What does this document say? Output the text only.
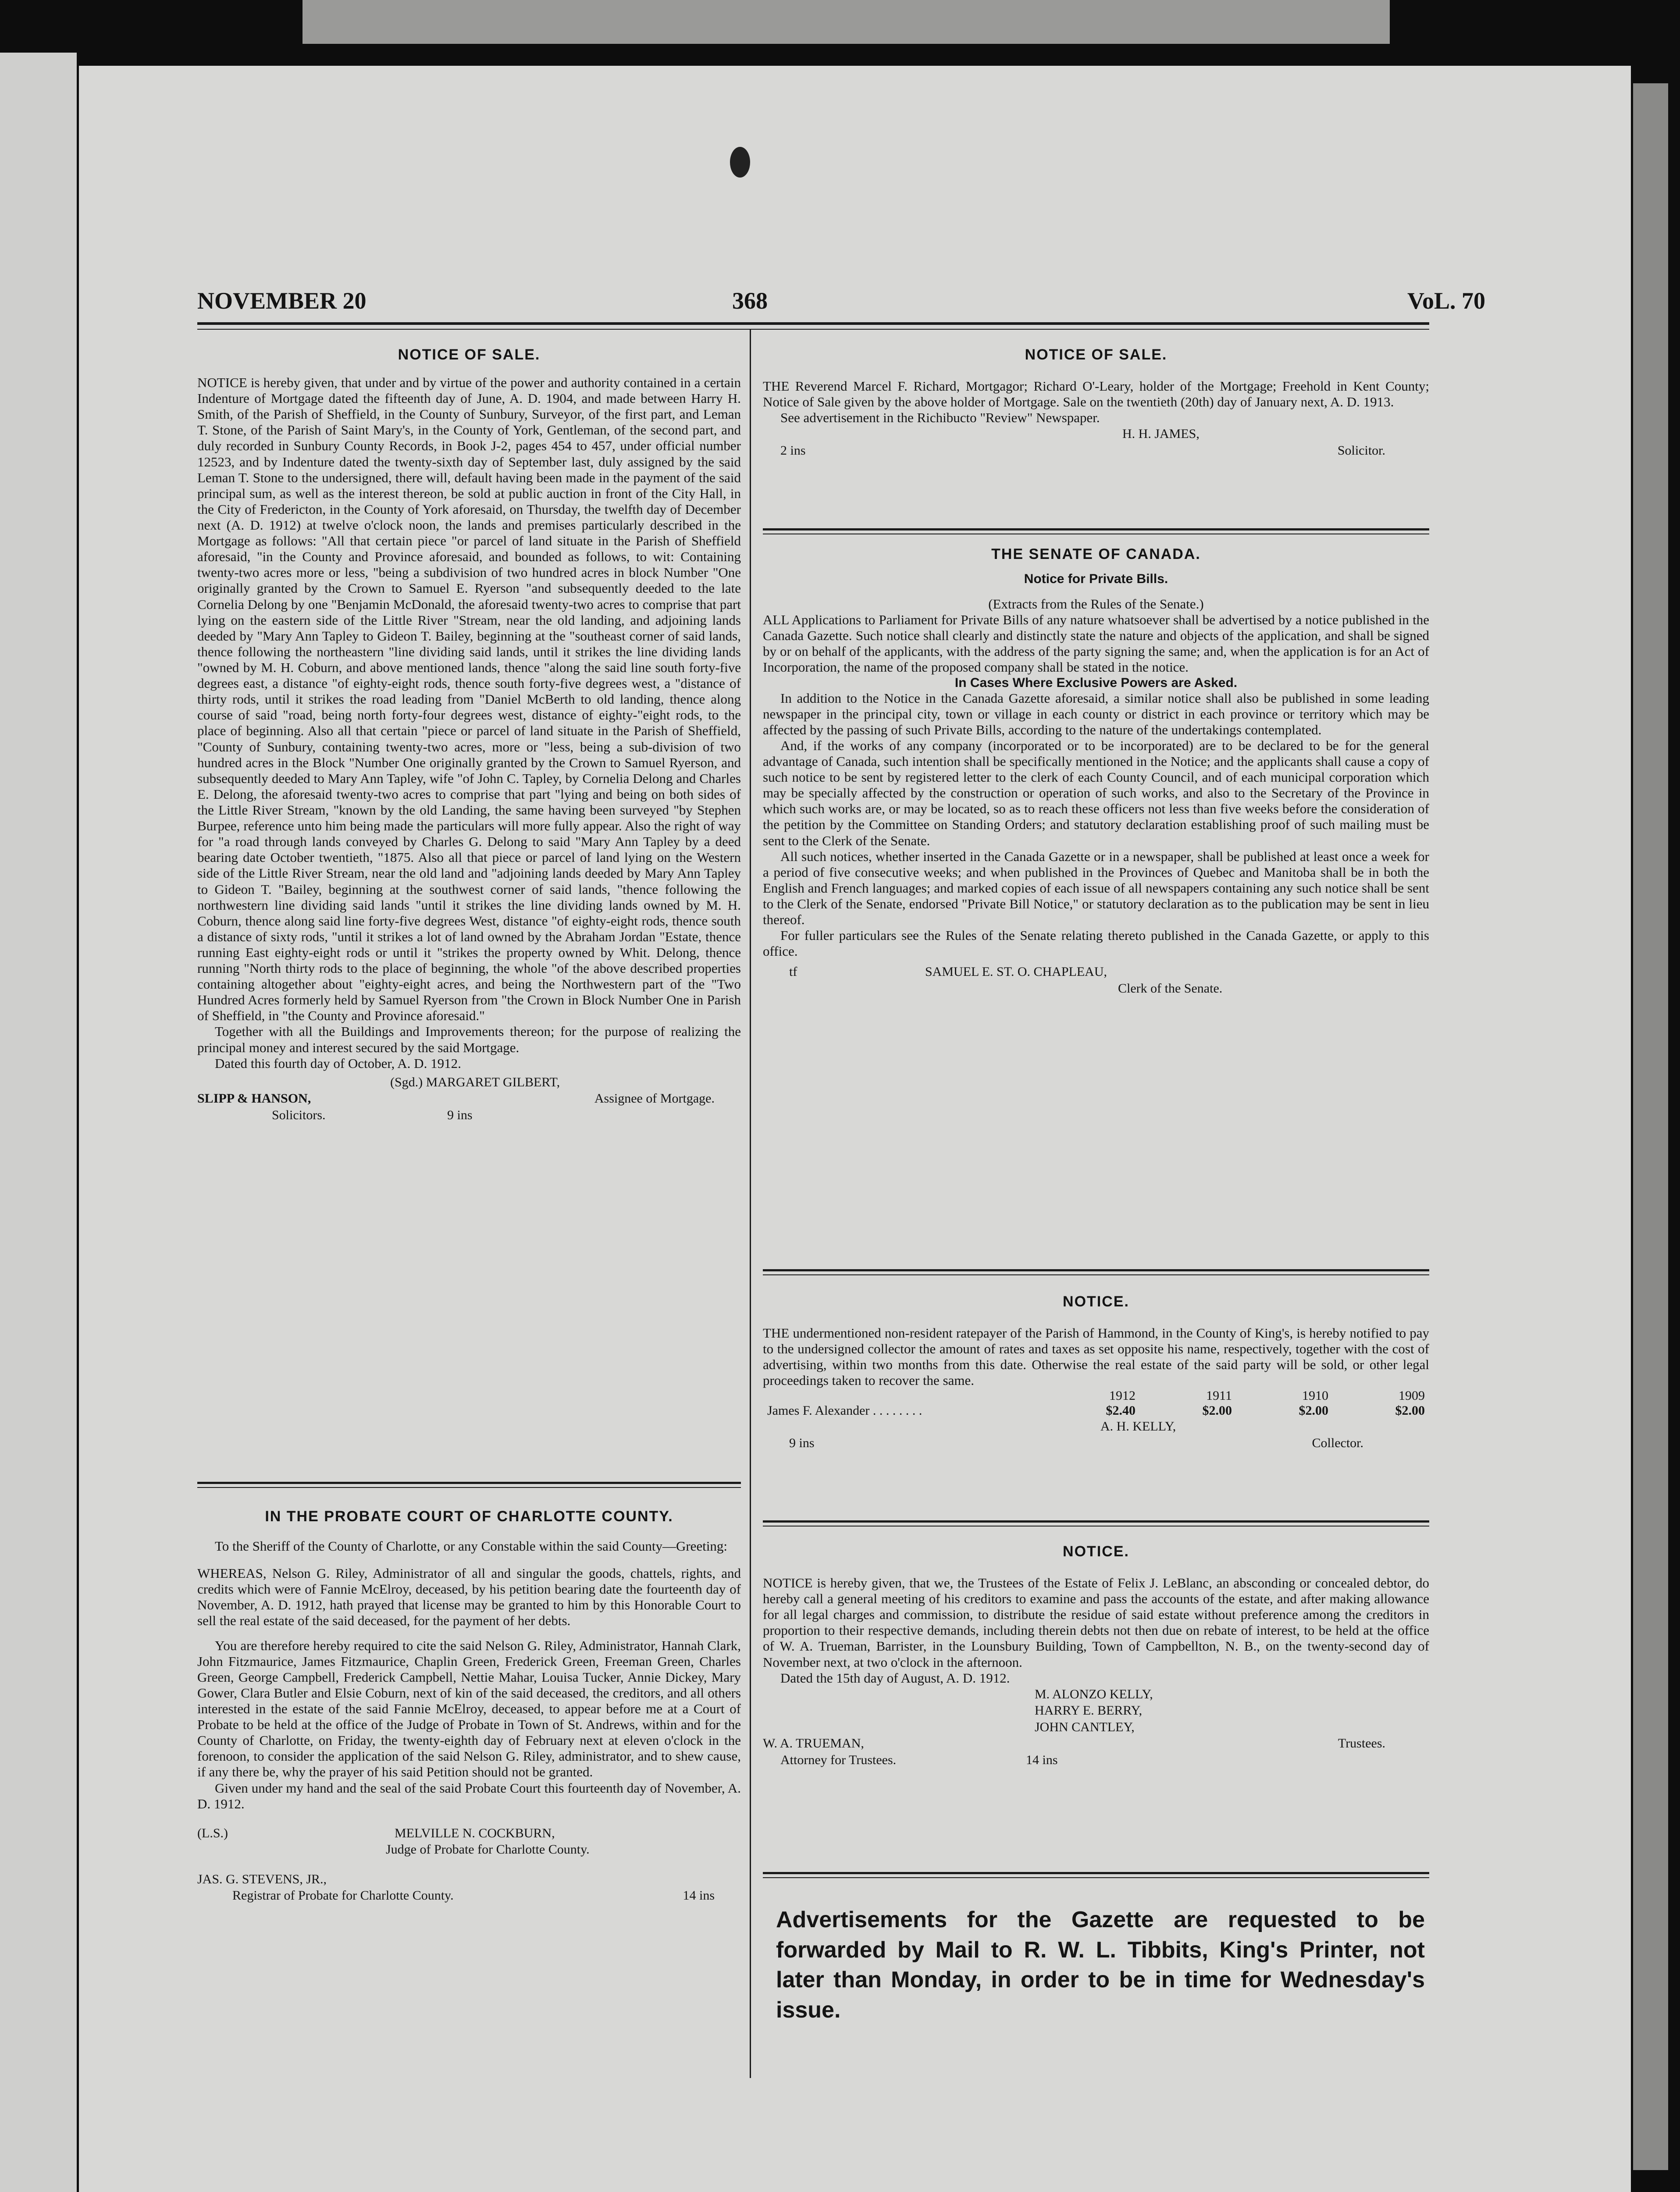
NOVEMBER 20	368	VoL. 70

NOTICE OF SALE.

NOTICE is hereby given, that under and by virtue of the power and authority contained in a certain Indenture of Mortgage dated the fifteenth day of June, A. D. 1904, and made between Harry H. Smith, of the Parish of Sheffield, in the County of Sunbury, Surveyor, of the first part, and Leman T. Stone, of the Parish of Saint Mary's, in the County of York, Gentleman, of the second part, and duly recorded in Sunbury County Records, in Book J-2, pages 454 to 457, under official number 12523, and by Indenture dated the twenty-sixth day of September last, duly assigned by the said Leman T. Stone to the undersigned, there will, default having been made in the payment of the said principal sum, as well as the interest thereon, be sold at public auction in front of the City Hall, in the City of Fredericton, in the County of York aforesaid, on Thursday, the twelfth day of December next (A. D. 1912) at twelve o'clock noon, the lands and premises particularly described in the Mortgage as follows: "All that certain piece "or parcel of land situate in the Parish of Sheffield aforesaid, "in the County and Province aforesaid, and bounded as follows, to wit: Containing twenty-two acres more or less, "being a subdivision of two hundred acres in block Number "One originally granted by the Crown to Samuel E. Ryerson "and subsequently deeded to the late Cornelia Delong by one "Benjamin McDonald, the aforesaid twenty-two acres to comprise that part lying on the eastern side of the Little River "Stream, near the old landing, and adjoining lands deeded by "Mary Ann Tapley to Gideon T. Bailey, beginning at the "southeast corner of said lands, thence following the northeastern "line dividing said lands, until it strikes the line dividing lands "owned by M. H. Coburn, and above mentioned lands, thence "along the said line south forty-five degrees east, a distance "of eighty-eight rods, thence south forty-five degrees west, a "distance of thirty rods, until it strikes the road leading from "Daniel McBerth to old landing, thence along course of said "road, being north forty-four degrees west, distance of eighty-"eight rods, to the place of beginning. Also all that certain "piece or parcel of land situate in the Parish of Sheffield, "County of Sunbury, containing twenty-two acres, more or "less, being a sub-division of two hundred acres in the Block "Number One originally granted by the Crown to Samuel Ryerson, and subsequently deeded to Mary Ann Tapley, wife "of John C. Tapley, by Cornelia Delong and Charles E. Delong, the aforesaid twenty-two acres to comprise that part "lying and being on both sides of the Little River Stream, "known by the old Landing, the same having been surveyed "by Stephen Burpee, reference unto him being made the particulars will more fully appear. Also the right of way for "a road through lands conveyed by Charles G. Delong to said "Mary Ann Tapley by a deed bearing date October twentieth, "1875. Also all that piece or parcel of land lying on the Western side of the Little River Stream, near the old land and "adjoining lands deeded by Mary Ann Tapley to Gideon T. "Bailey, beginning at the southwest corner of said lands, "thence following the northwestern line dividing said lands "until it strikes the line dividing lands owned by M. H. Coburn, thence along said line forty-five degrees West, distance "of eighty-eight rods, thence south a distance of sixty rods, "until it strikes a lot of land owned by the Abraham Jordan "Estate, thence running East eighty-eight rods or until it "strikes the property owned by Whit. Delong, thence running "North thirty rods to the place of beginning, the whole "of the above described properties containing altogether about "eighty-eight acres, and being the Northwestern part of the "Two Hundred Acres formerly held by Samuel Ryerson from "the Crown in Block Number One in Parish of Sheffield, in "the County and Province aforesaid."

Together with all the Buildings and Improvements thereon; for the purpose of realizing the principal money and interest secured by the said Mortgage.

Dated this fourth day of October, A. D. 1912.

(Sgd.) MARGARET GILBERT,
SLIPP & HANSON,	Assignee of Mortgage.
Solicitors.	9 ins

IN THE PROBATE COURT OF CHARLOTTE COUNTY.

To the Sheriff of the County of Charlotte, or any Constable within the said County—Greeting:

WHEREAS, Nelson G. Riley, Administrator of all and singular the goods, chattels, rights, and credits which were of Fannie McElroy, deceased, by his petition bearing date the fourteenth day of November, A. D. 1912, hath prayed that license may be granted to him by this Honorable Court to sell the real estate of the said deceased, for the payment of her debts.

You are therefore hereby required to cite the said Nelson G. Riley, Administrator, Hannah Clark, John Fitzmaurice, James Fitzmaurice, Chaplin Green, Frederick Green, Freeman Green, Charles Green, George Campbell, Frederick Campbell, Nettie Mahar, Louisa Tucker, Annie Dickey, Mary Gower, Clara Butler and Elsie Coburn, next of kin of the said deceased, the creditors, and all others interested in the estate of the said Fannie McElroy, deceased, to appear before me at a Court of Probate to be held at the office of the Judge of Probate in Town of St. Andrews, within and for the County of Charlotte, on Friday, the twenty-eighth day of February next at eleven o'clock in the forenoon, to consider the application of the said Nelson G. Riley, administrator, and to shew cause, if any there be, why the prayer of his said Petition should not be granted.

Given under my hand and the seal of the said Probate Court this fourteenth day of November, A. D. 1912.

(L.S.)	MELVILLE N. COCKBURN,
Judge of Probate for Charlotte County.
JAS. G. STEVENS, JR.,
Registrar of Probate for Charlotte County.	14 ins

NOTICE OF SALE.

THE Reverend Marcel F. Richard, Mortgagor; Richard O'-Leary, holder of the Mortgage; Freehold in Kent County; Notice of Sale given by the above holder of Mortgage. Sale on the twentieth (20th) day of January next, A. D. 1913.

See advertisement in the Richibucto "Review" Newspaper.

H. H. JAMES,
2 ins	Solicitor.

THE SENATE OF CANADA.

Notice for Private Bills.

(Extracts from the Rules of the Senate.)

ALL Applications to Parliament for Private Bills of any nature whatsoever shall be advertised by a notice published in the Canada Gazette. Such notice shall clearly and distinctly state the nature and objects of the application, and shall be signed by or on behalf of the applicants, with the address of the party signing the same; and, when the application is for an Act of Incorporation, the name of the proposed company shall be stated in the notice.

In Cases Where Exclusive Powers are Asked.

In addition to the Notice in the Canada Gazette aforesaid, a similar notice shall also be published in some leading newspaper in the principal city, town or village in each county or district in each province or territory which may be affected by the passing of such Private Bills, according to the nature of the undertakings contemplated.

And, if the works of any company (incorporated or to be incorporated) are to be declared to be for the general advantage of Canada, such intention shall be specifically mentioned in the Notice; and the applicants shall cause a copy of such notice to be sent by registered letter to the clerk of each County Council, and of each municipal corporation which may be specially affected by the construction or operation of such works, and also to the Secretary of the Province in which such works are, or may be located, so as to reach these officers not less than five weeks before the consideration of the petition by the Committee on Standing Orders; and statutory declaration establishing proof of such mailing must be sent to the Clerk of the Senate.

All such notices, whether inserted in the Canada Gazette or in a newspaper, shall be published at least once a week for a period of five consecutive weeks; and when published in the Provinces of Quebec and Manitoba shall be in both the English and French languages; and marked copies of each issue of all newspapers containing any such notice shall be sent to the Clerk of the Senate, endorsed "Private Bill Notice," or statutory declaration as to the publication may be sent in lieu thereof.

For fuller particulars see the Rules of the Senate relating thereto published in the Canada Gazette, or apply to this office.

tf	SAMUEL E. ST. O. CHAPLEAU,
Clerk of the Senate.

NOTICE.

THE undermentioned non-resident ratepayer of the Parish of Hammond, in the County of King's, is hereby notified to pay to the undersigned collector the amount of rates and taxes as set opposite his name, respectively, together with the cost of advertising, within two months from this date. Otherwise the real estate of the said party will be sold, or other legal proceedings taken to recover the same.

	1912	1911	1910	1909
James F. Alexander . . . . . . . .	$2.40	$2.00	$2.00	$2.00
A. H. KELLY,
9 ins	Collector.

NOTICE.

NOTICE is hereby given, that we, the Trustees of the Estate of Felix J. LeBlanc, an absconding or concealed debtor, do hereby call a general meeting of his creditors to examine and pass the accounts of the estate, and after making allowance for all legal charges and commission, to distribute the residue of said estate without preference among the creditors in proportion to their respective demands, including therein debts not then due on rebate of interest, to be held at the office of W. A. Trueman, Barrister, in the Lounsbury Building, Town of Campbellton, N. B., on the twenty-second day of November next, at two o'clock in the afternoon.

Dated the 15th day of August, A. D. 1912.

M. ALONZO KELLY,
HARRY E. BERRY,
JOHN CANTLEY,
W. A. TRUEMAN,	Trustees.
Attorney for Trustees.	14 ins

Advertisements for the Gazette are requested to be forwarded by Mail to R. W. L. Tibbits, King's Printer, not later than Monday, in order to be in time for Wednesday's issue.
